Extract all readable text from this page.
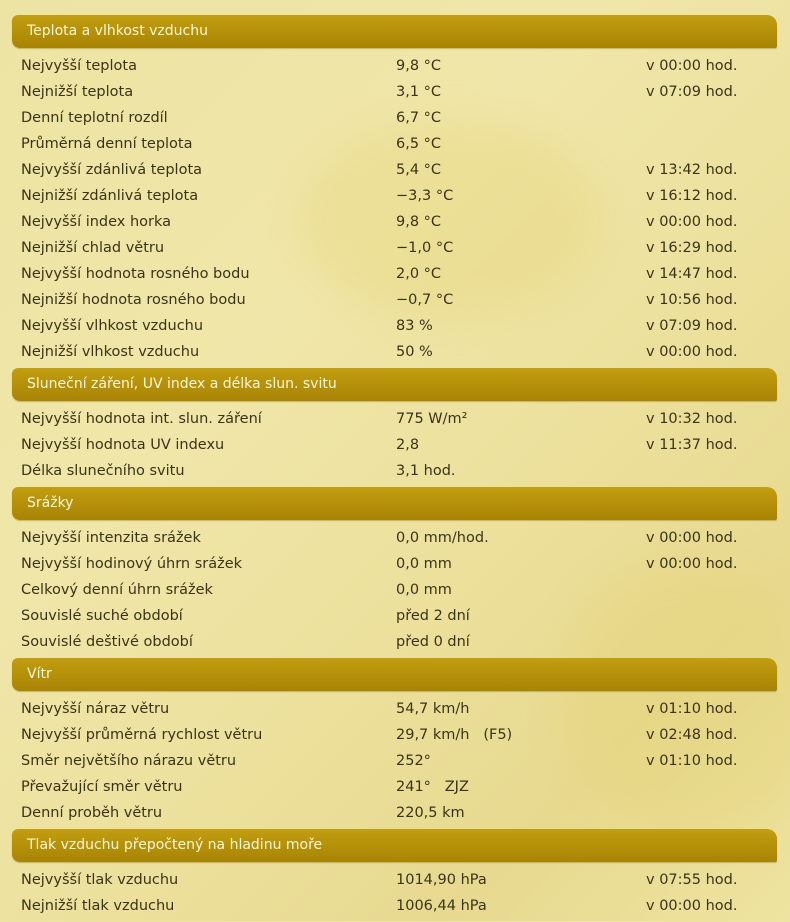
Teplota a vlhkost vzduchu
Nejvyšší teplota	9,8 °C	v 00:00 hod.
Nejnižší teplota	3,1 °C	v 07:09 hod.
Denní teplotní rozdíl	6,7 °C
Průměrná denní teplota	6,5 °C
Nejvyšší zdánlivá teplota	5,4 °C	v 13:42 hod.
Nejnižší zdánlivá teplota	−3,3 °C	v 16:12 hod.
Nejvyšší index horka	9,8 °C	v 00:00 hod.
Nejnižší chlad větru	−1,0 °C	v 16:29 hod.
Nejvyšší hodnota rosného bodu	2,0 °C	v 14:47 hod.
Nejnižší hodnota rosného bodu	−0,7 °C	v 10:56 hod.
Nejvyšší vlhkost vzduchu	83 %	v 07:09 hod.
Nejnižší vlhkost vzduchu	50 %	v 00:00 hod.
Sluneční záření, UV index a délka slun. svitu
Nejvyšší hodnota int. slun. záření	775 W/m²	v 10:32 hod.
Nejvyšší hodnota UV indexu	2,8	v 11:37 hod.
Délka slunečního svitu	3,1 hod.
Srážky
Nejvyšší intenzita srážek	0,0 mm/hod.	v 00:00 hod.
Nejvyšší hodinový úhrn srážek	0,0 mm	v 00:00 hod.
Celkový denní úhrn srážek	0,0 mm
Souvislé suché období	před 2 dní
Souvislé deštivé období	před 0 dní
Vítr
Nejvyšší náraz větru	54,7 km/h	v 01:10 hod.
Nejvyšší průměrná rychlost větru	29,7 km/h   (F5)	v 02:48 hod.
Směr největšího nárazu větru	252°	v 01:10 hod.
Převažující směr větru	241°   ZJZ
Denní proběh větru	220,5 km
Tlak vzduchu přepočtený na hladinu moře
Nejvyšší tlak vzduchu	1014,90 hPa	v 07:55 hod.
Nejnižší tlak vzduchu	1006,44 hPa	v 00:00 hod.
